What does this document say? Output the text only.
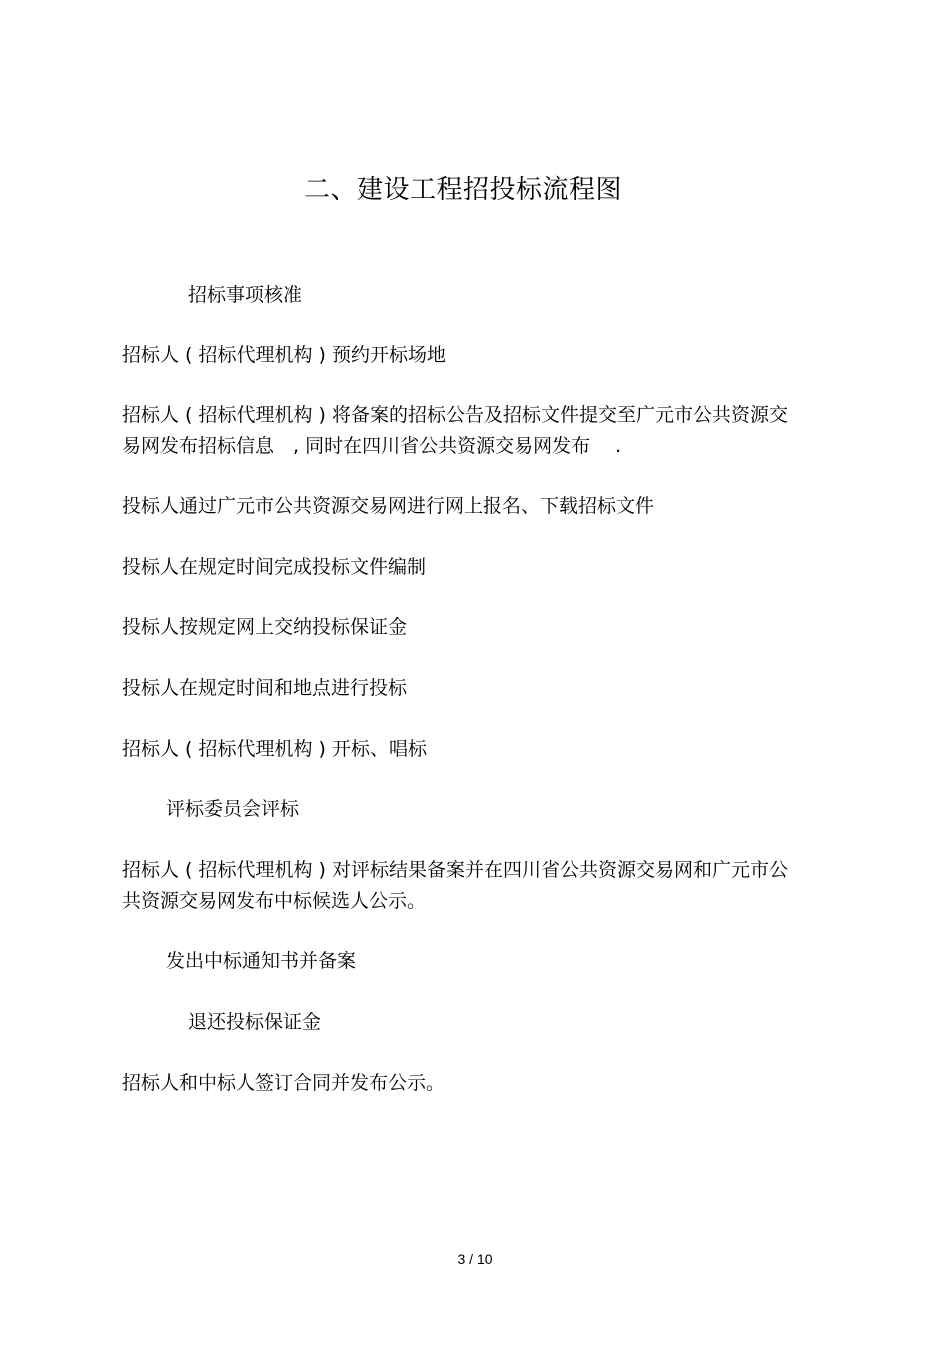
二、建设工程招投标流程图
招标事项核准
招标人 ( 招标代理机构 ) 预约开标场地
招标人 ( 招标代理机构 ) 将备案的招标公告及招标文件提交至广元市公共资源交易网发布招标信息　, 同时在四川省公共资源交易网发布　 .
投标人通过广元市公共资源交易网进行网上报名、下载招标文件
投标人在规定时间完成投标文件编制
投标人按规定网上交纳投标保证金
投标人在规定时间和地点进行投标
招标人 ( 招标代理机构 ) 开标、唱标
评标委员会评标
招标人 ( 招标代理机构 ) 对评标结果备案并在四川省公共资源交易网和广元市公共资源交易网发布中标候选人公示。
发出中标通知书并备案
退还投标保证金
招标人和中标人签订合同并发布公示。
3 / 10
